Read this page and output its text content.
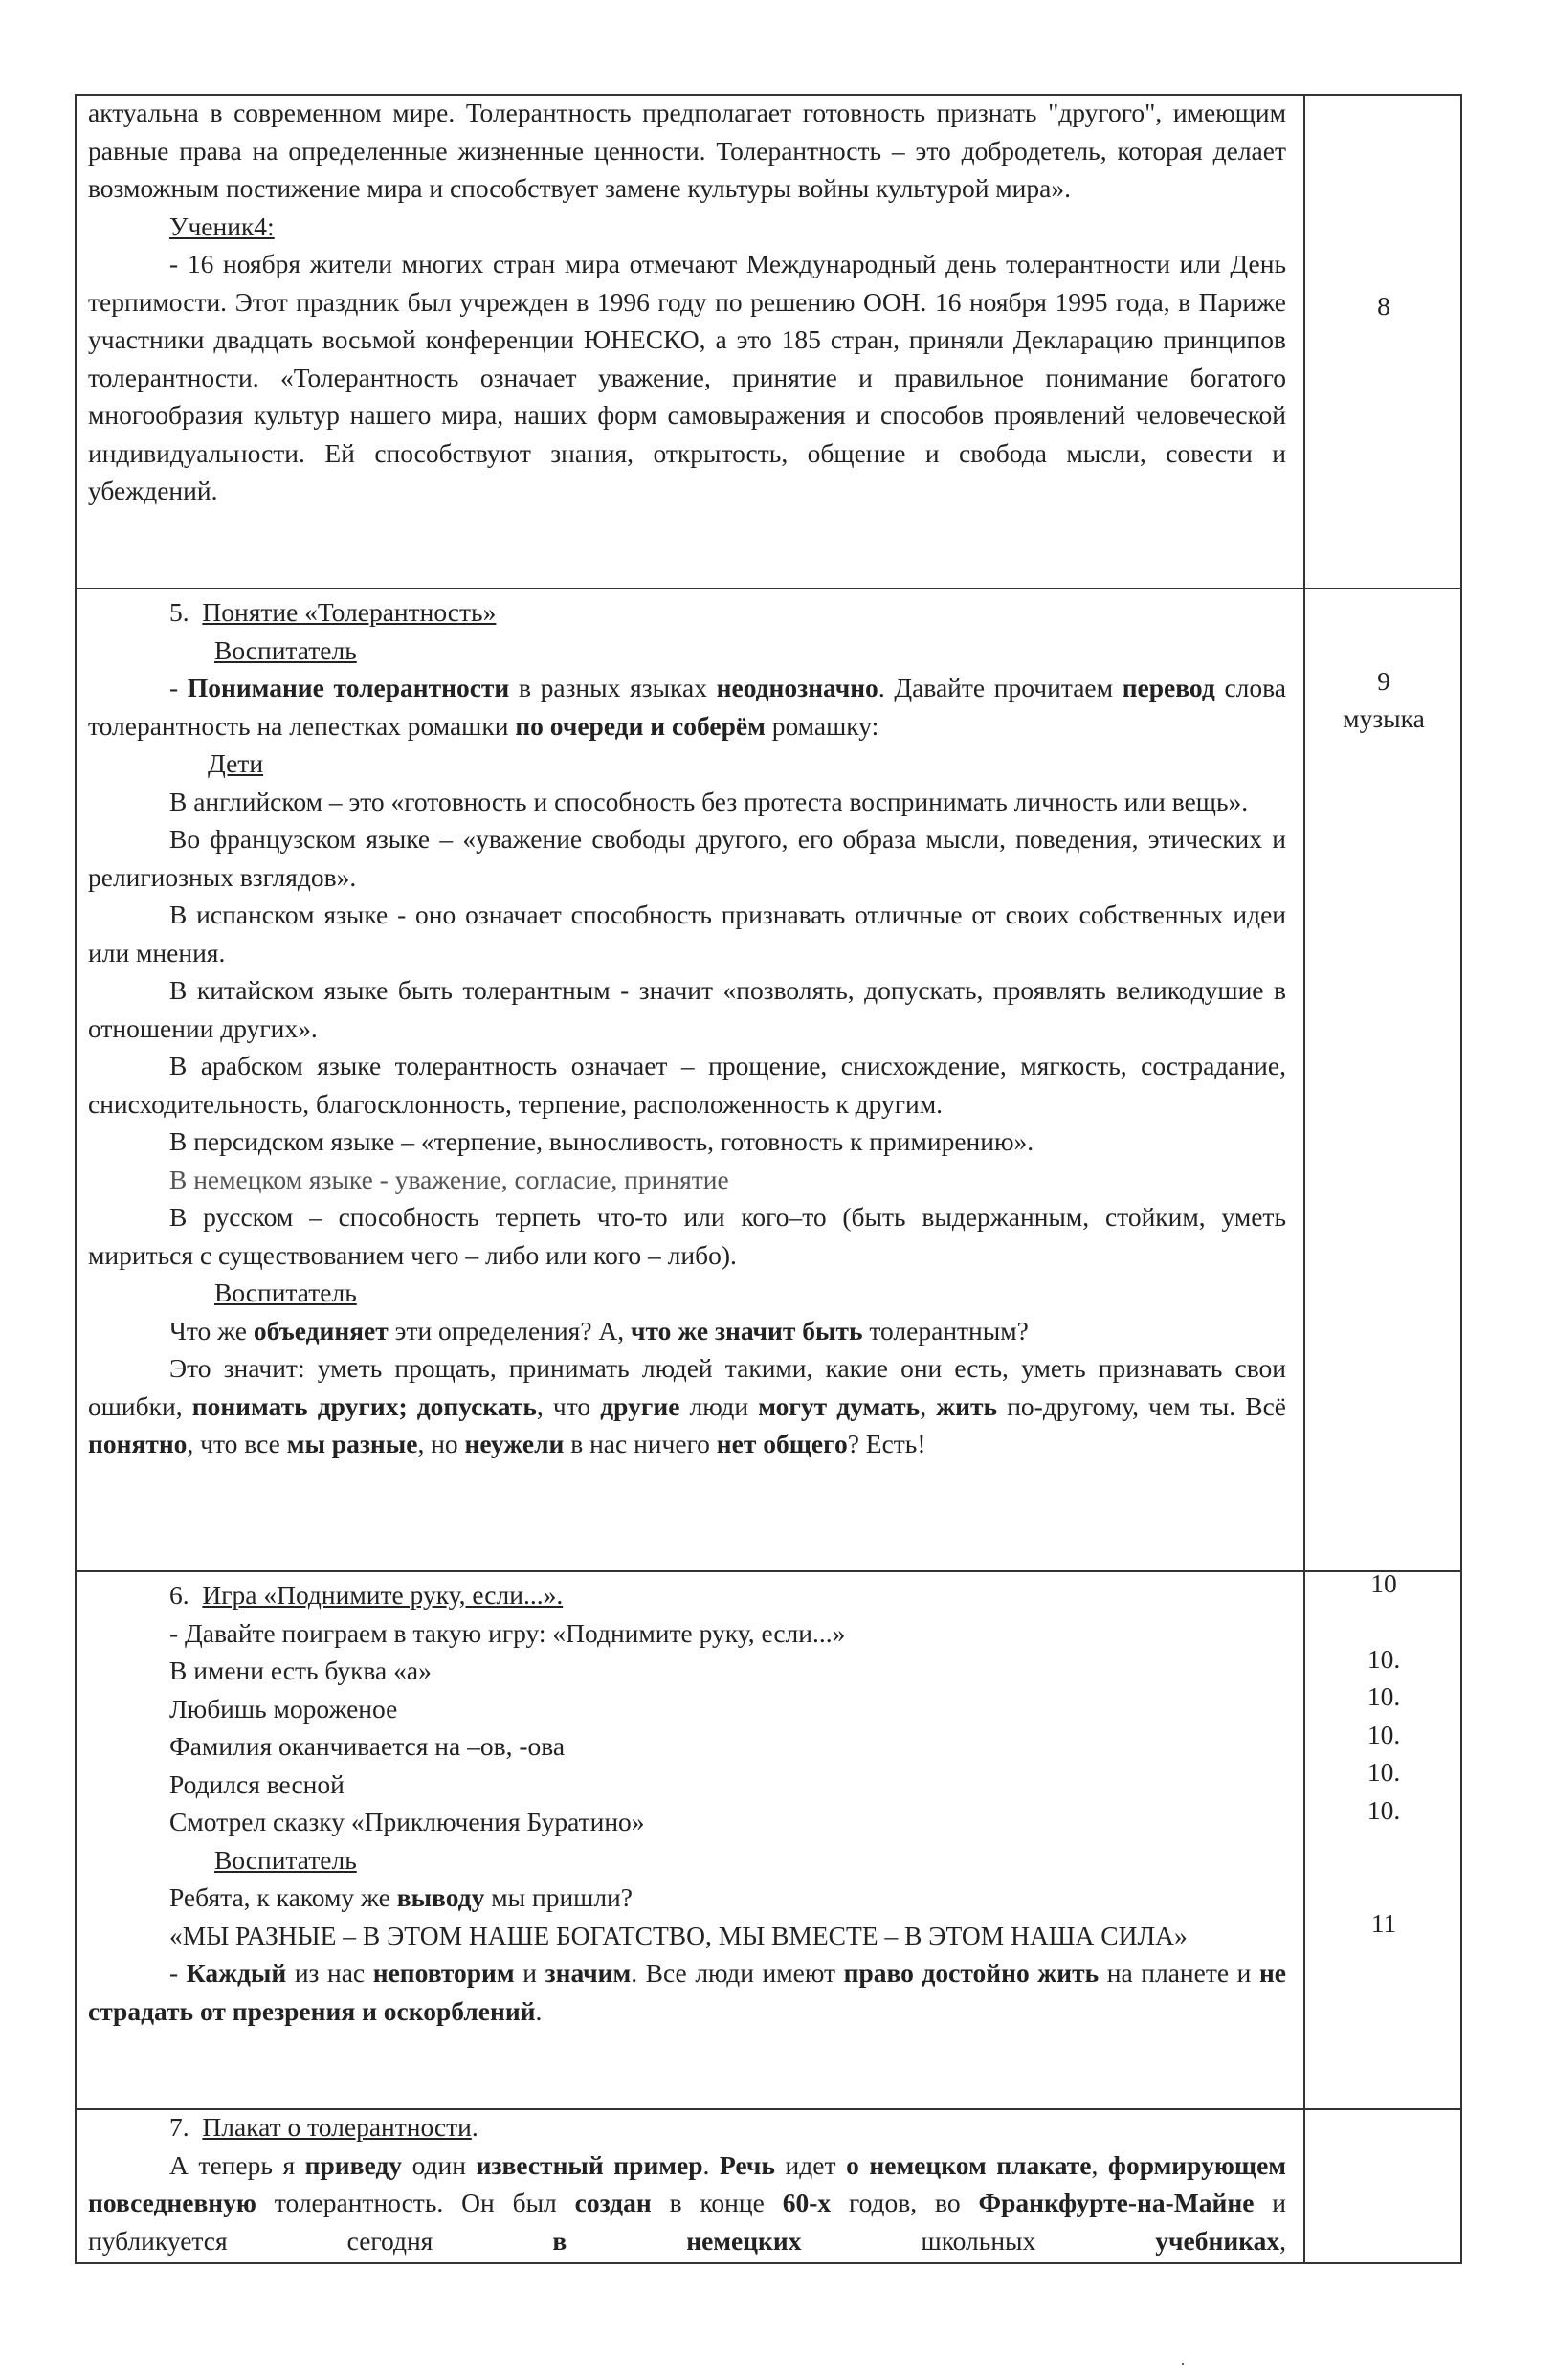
актуальна в современном мире. Толерантность предполагает готовность признать "другого", имеющим равные права на определенные жизненные ценности. Толерантность – это добродетель, которая делает возможным постижение мира и способствует замене культуры войны культурой мира».

Ученик4:

- 16 ноября жители многих стран мира отмечают Международный день толерантности или День терпимости. Этот праздник был учрежден в 1996 году по решению ООН. 16 ноября 1995 года, в Париже участники двадцать восьмой конференции ЮНЕСКО, а это 185 стран, приняли Декларацию принципов толерантности. «Толерантность означает уважение, принятие и правильное понимание богатого многообразия культур нашего мира, наших форм самовыражения и способов проявлений человеческой индивидуальности. Ей способствуют знания, открытость, общение и свобода мысли, совести и убеждений.

8

5. Понятие «Толерантность»

Воспитатель

- Понимание толерантности в разных языках неоднозначно. Давайте прочитаем перевод слова толерантность на лепестках ромашки по очереди и соберём ромашку:

Дети

В английском – это «готовность и способность без протеста воспринимать личность или вещь».

Во французском языке – «уважение свободы другого, его образа мысли, поведения, этических и религиозных взглядов».

В испанском языке - оно означает способность признавать отличные от своих собственных идеи или мнения.

В китайском языке быть толерантным - значит «позволять, допускать, проявлять великодушие в отношении других».

В арабском языке толерантность означает – прощение, снисхождение, мягкость, сострадание, снисходительность, благосклонность, терпение, расположенность к другим.

В персидском языке – «терпение, выносливость, готовность к примирению».

В немецком языке - уважение, согласие, принятие

В русском – способность терпеть что-то или кого–то (быть выдержанным, стойким, уметь мириться с существованием чего – либо или кого – либо).

Воспитатель

Что же объединяет эти определения? А, что же значит быть толерантным?

Это значит: уметь прощать, принимать людей такими, какие они есть, уметь признавать свои ошибки, понимать других; допускать, что другие люди могут думать, жить по-другому, чем ты. Всё понятно, что все мы разные, но неужели в нас ничего нет общего? Есть!

9
музыка

6. Игра «Поднимите руку, если...».

- Давайте поиграем в такую игру: «Поднимите руку, если...»

В имени есть буква «а»

Любишь мороженое

Фамилия оканчивается на –ов, -ова

Родился весной

Смотрел сказку «Приключения Буратино»

Воспитатель

Ребята, к какому же выводу мы пришли?

«МЫ РАЗНЫЕ – В ЭТОМ НАШЕ БОГАТСТВО, МЫ ВМЕСТЕ – В ЭТОМ НАША СИЛА»

- Каждый из нас неповторим и значим. Все люди имеют право достойно жить на планете и не страдать от презрения и оскорблений.

10
10.
10.
10.
10.
10.
11

7. Плакат о толерантности.

А теперь я приведу один известный пример. Речь идет о немецком плакате, формирующем повседневную толерантность. Он был создан в конце 60-х годов, во Франкфурте-на-Майне и публикуется сегодня в немецких школьных учебниках,

·
